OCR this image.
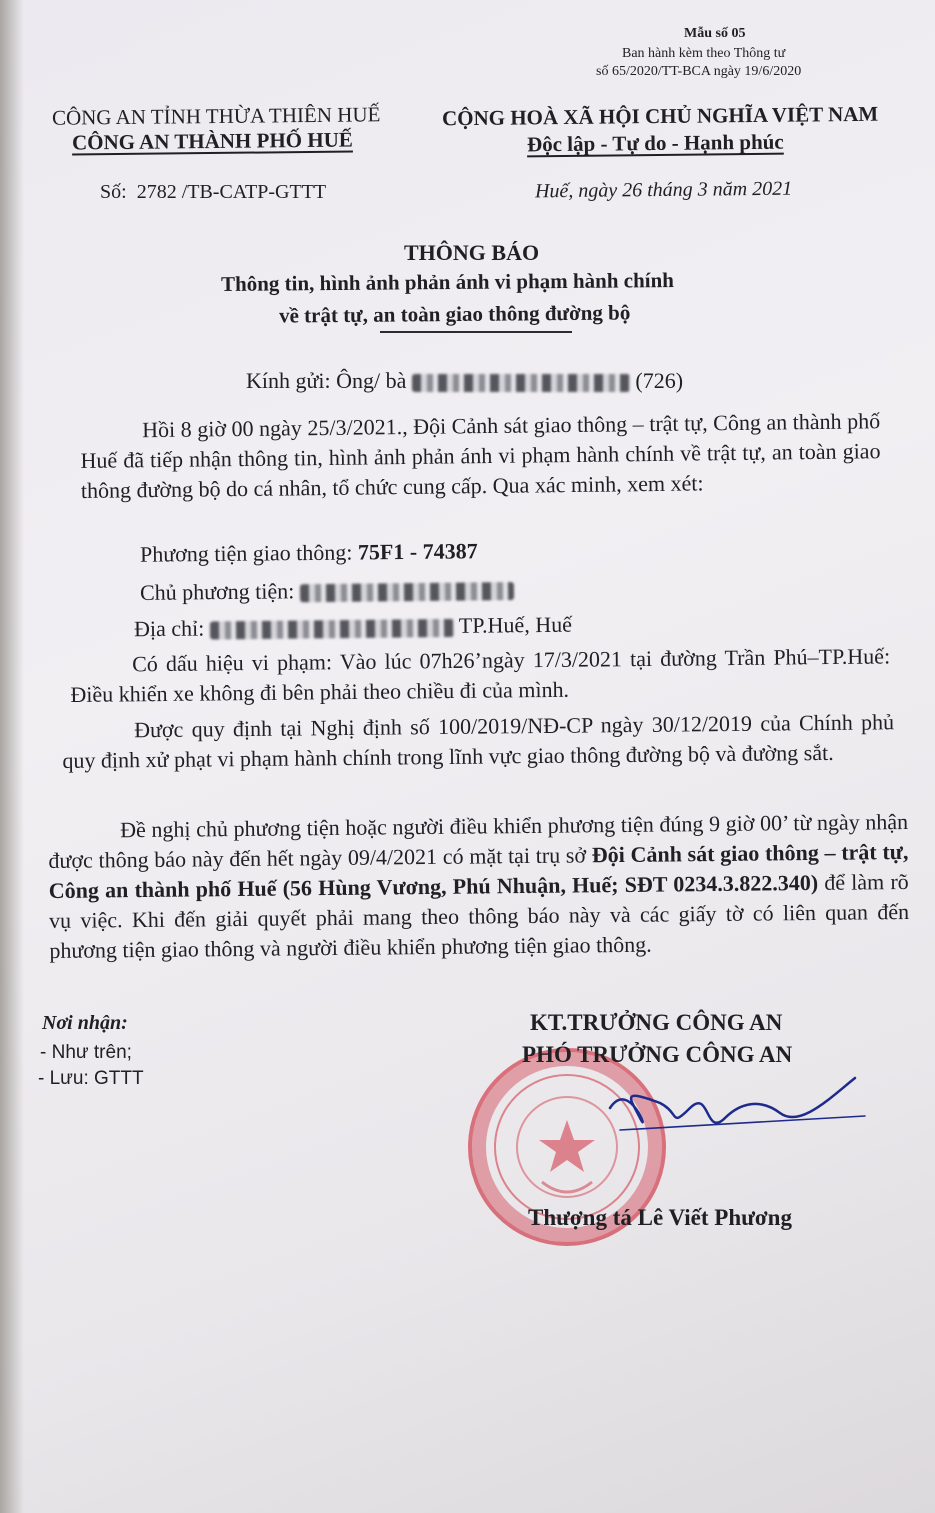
Mẫu số 05
Ban hành kèm theo Thông tư
số 65/2020/TT-BCA ngày 19/6/2020
CÔNG AN TỈNH THỪA THIÊN HUẾ
CÔNG AN THÀNH PHỐ HUẾ
Số: 2782 /TB-CATP-GTTT
CỘNG HOÀ XÃ HỘI CHỦ NGHĨA VIỆT NAM
Độc lập - Tự do - Hạnh phúc
Huế, ngày 26 tháng 3 năm 2021
THÔNG BÁO
Thông tin, hình ảnh phản ánh vi phạm hành chính
về trật tự, an toàn giao thông đường bộ
Kính gửi: Ông/ bà	(726)
Hồi 8 giờ 00 ngày 25/3/2021., Đội Cảnh sát giao thông – trật tự, Công an thành phố Huế đã tiếp nhận thông tin, hình ảnh phản ánh vi phạm hành chính về trật tự, an toàn giao thông đường bộ do cá nhân, tổ chức cung cấp. Qua xác minh, xem xét:
Phương tiện giao thông: 75F1 - 74387
Chủ phương tiện:
Địa chỉ:	TP.Huế, Huế
Có dấu hiệu vi phạm: Vào lúc 07h26’ngày 17/3/2021 tại đường Trần Phú–TP.Huế: Điều khiển xe không đi bên phải theo chiều đi của mình.
Được quy định tại Nghị định số 100/2019/NĐ-CP ngày 30/12/2019 của Chính phủ quy định xử phạt vi phạm hành chính trong lĩnh vực giao thông đường bộ và đường sắt.
Đề nghị chủ phương tiện hoặc người điều khiển phương tiện đúng 9 giờ 00’ từ ngày nhận được thông báo này đến hết ngày 09/4/2021 có mặt tại trụ sở Đội Cảnh sát giao thông – trật tự, Công an thành phố Huế (56 Hùng Vương, Phú Nhuận, Huế; SĐT 0234.3.822.340) để làm rõ vụ việc. Khi đến giải quyết phải mang theo thông báo này và các giấy tờ có liên quan đến phương tiện giao thông và người điều khiển phương tiện giao thông.
Nơi nhận:
- Như trên;
- Lưu: GTTT
KT.TRƯỞNG CÔNG AN
PHÓ TRƯỞNG CÔNG AN
Thượng tá Lê Viết Phương
